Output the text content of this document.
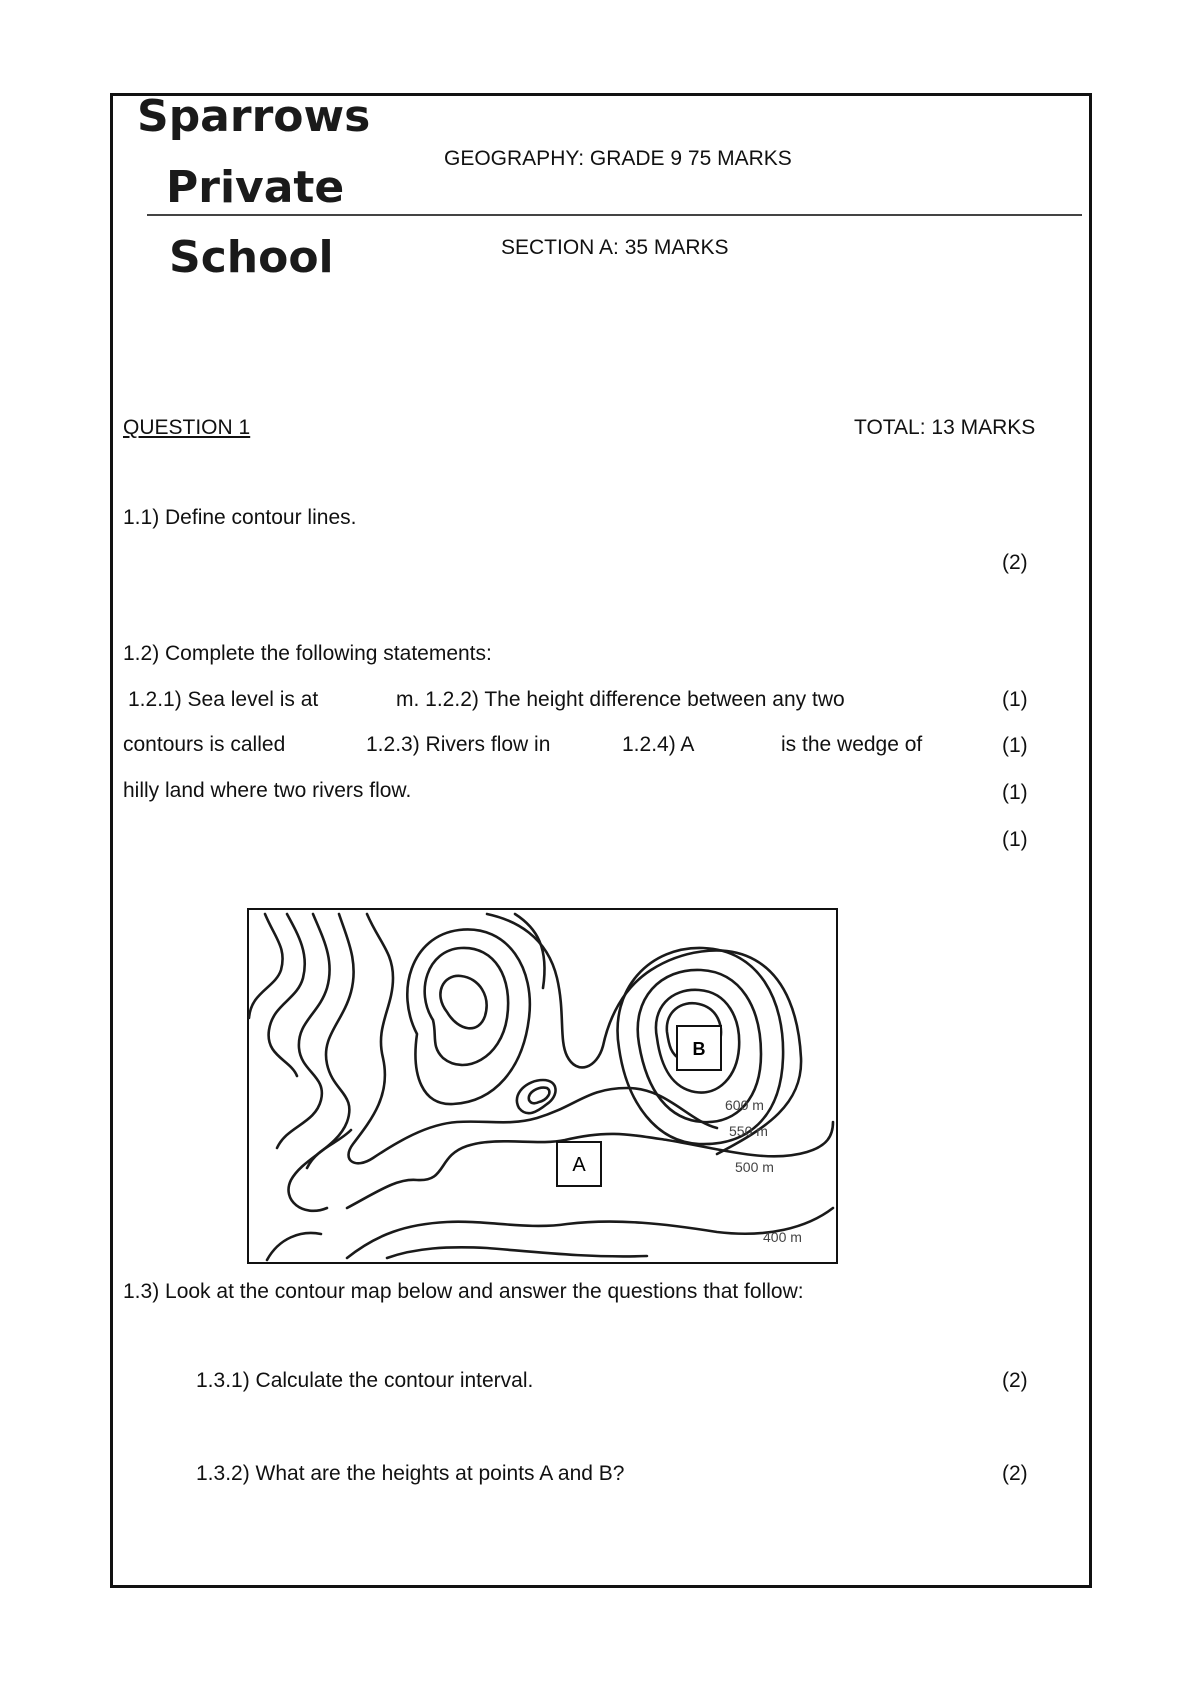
Sparrows
Private
School
GEOGRAPHY: GRADE 9 75 MARKS
SECTION A: 35 MARKS
QUESTION 1	TOTAL: 13 MARKS
1.1) Define contour lines.
(2)
1.2) Complete the following statements:
1.2.1) Sea level is at	m. 1.2.2) The height difference between any two
contours is called	1.2.3) Rivers flow in	1.2.4) A	is the wedge of
hilly land where two rivers flow.
(1)
(1)
(1)
(1)
A
B
600 m
550 m
500 m
400 m
1.3) Look at the contour map below and answer the questions that follow:
1.3.1) Calculate the contour interval.	(2)
1.3.2) What are the heights at points A and B?	(2)
